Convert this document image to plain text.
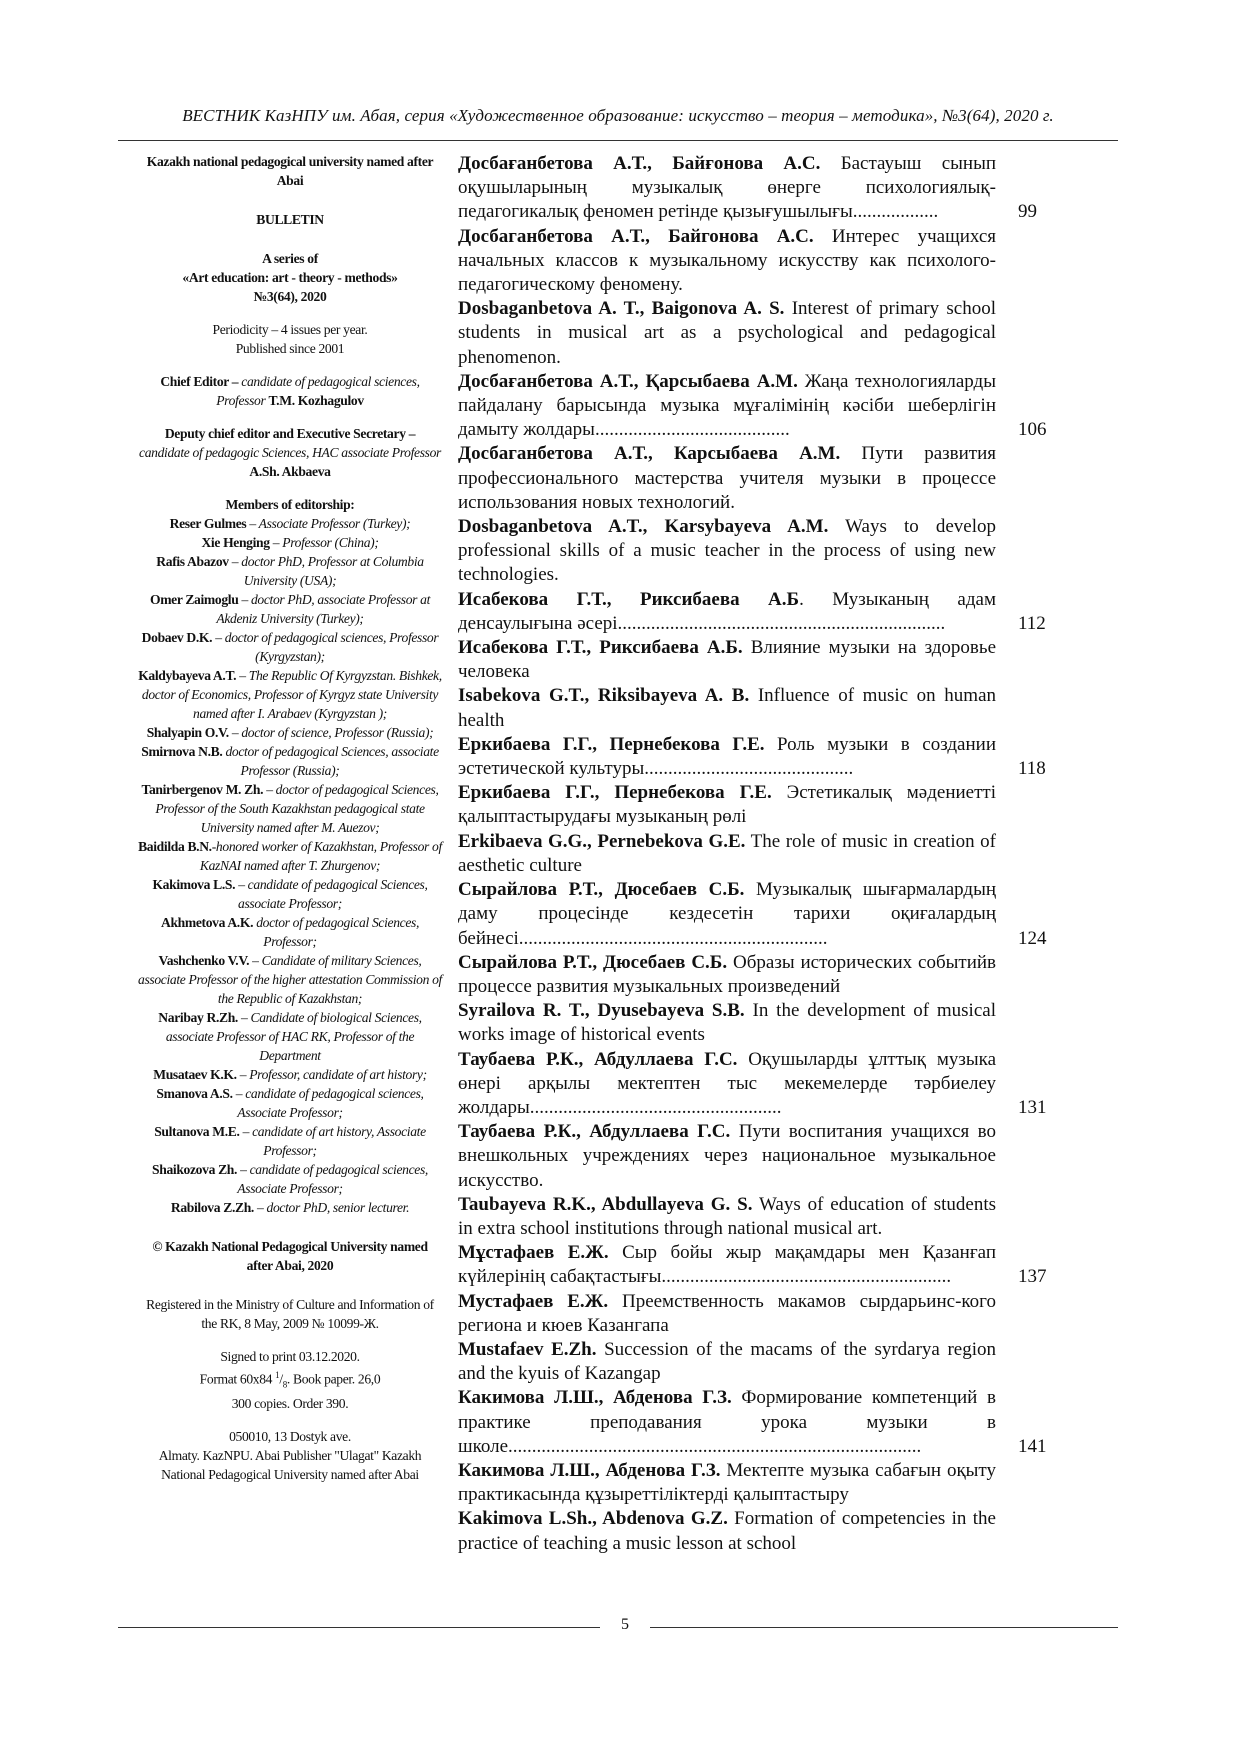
ВЕСТНИК КазНПУ им. Абая, серия «Художественное образование: искусство – теория – методика», №3(64), 2020 г.

Kazakh national pedagogical university named after Abai

BULLETIN

A series of

«Art education: art - theory - methods»

№3(64), 2020

Periodicity – 4 issues per year.

Published since 2001

Chief Editor – candidate of pedagogical sciences, Professor T.M. Kozhagulov

Deputy chief editor and Executive Secretary –

candidate of pedagogic Sciences, HAC associate Professor

A.Sh. Akbaeva

Members of editorship:

Reser Gulmes – Associate Professor (Turkey);

Xie Henging – Professor (China);

Rafis Abazov – doctor PhD, Professor at Columbia University (USA);

Omer Zaimoglu – doctor PhD, associate Professor at Akdeniz University (Turkey);

Dobaev D.K. – doctor of pedagogical sciences, Professor (Kyrgyzstan);

Kaldybayeva A.T. – The Republic Of Kyrgyzstan. Bishkek, doctor of Economics, Professor of Kyrgyz state University named after I. Arabaev (Kyrgyzstan );

Shalyapin O.V. – doctor of science, Professor (Russia);

Smirnova N.B. doctor of pedagogical Sciences, associate Professor (Russia);

Tanirbergenov M. Zh. – doctor of pedagogical Sciences, Professor of the South Kazakhstan pedagogical state University named after M. Auezov;

Baidilda B.N.-honored worker of Kazakhstan, Professor of KazNAI named after T. Zhurgenov;

Kakimova L.S. – candidate of pedagogical Sciences, associate Professor;

Akhmetova A.K. doctor of pedagogical Sciences, Professor;

Vashchenko V.V. – Candidate of military Sciences, associate Professor of the higher attestation Commission of the Republic of Kazakhstan;

Naribay R.Zh. – Candidate of biological Sciences, associate Professor of HAC RK, Professor of the Department

Musataev K.K. – Professor, candidate of art history;

Smanova A.S. – candidate of pedagogical sciences, Associate Professor;

Sultanova M.E. – candidate of art history, Associate Professor;

Shaikozova Zh. – candidate of pedagogical sciences, Associate Professor;

Rabilova Z.Zh. – doctor PhD, senior lecturer.

© Kazakh National Pedagogical University named after Abai, 2020

Registered in the Ministry of Culture and Information of the RK, 8 May, 2009 № 10099-Ж.

Signed to print 03.12.2020.

Format 60x84 $^1/_8$. Book paper. 26,0

300 copies. Order 390.

050010, 13 Dostyk ave.

Almaty. KazNPU. Abai Publisher "Ulagat" Kazakh National Pedagogical University named after Abai

Досбағанбетова А.Т., Байғонова А.С. Бастауыш сынып оқушыларының музыкалық өнерге психологиялық-педагогикалық феномен ретінде қызығушылығы..................	99

Досбаганбетова А.Т., Байгонова А.С. Интерес учащихся начальных классов к музыкальному искусству как психолого-педагогическому феномену.

Dosbaganbetova A. T., Baigonova A. S. Interest of primary school students in musical art as a psychological and pedagogical phenomenon.

Досбағанбетова А.Т., Қарсыбаева А.М. Жаңа технологияларды пайдалану барысында музыка мұғалімінің кәсіби шеберлігін дамыту жолдары.........................................	106

Досбаганбетова А.Т., Карсыбаева А.М. Пути развития профессионального мастерства учителя музыки в процессе использования новых технологий.

Dosbaganbetova A.T., Karsybayeva A.M. Ways to develop professional skills of a music teacher in the process of using new technologies.

Исабекова Г.Т., Риксибаева А.Б. Музыканың адам денсаулығына әсері.....................................................................	112

Исабекова Г.Т., Риксибаева А.Б. Влияние музыки на здоровье человека

Isabekova G.T., Riksibayeva A. B. Influence of music on human health

Еркибаева Г.Г., Пернебекова Г.Е. Роль музыки в создании эстетической культуры............................................	118

Еркибаева Г.Г., Пернебекова Г.Е. Эстетикалық мәдениетті қалыптастырудағы музыканың рөлі

Erkibaeva G.G., Pernebekova G.E. The role of music in creation of aesthetic culture

Сырайлова Р.Т., Дюсебаев С.Б. Музыкалық шығармалардың даму процесінде кездесетін тарихи оқиғалардың бейнесі.................................................................	124

Сырайлова Р.Т., Дюсебаев С.Б. Образы исторических событийв процессе развития музыкальных произведений

Syrailova R. T., Dyusebayeva S.B. In the development of musical works image of historical events

Таубаева Р.К., Абдуллаева Г.С. Оқушыларды ұлттық музыка өнері арқылы мектептен тыс мекемелерде тәрбиелеу жолдары.....................................................	131

Таубаева Р.К., Абдуллаева Г.С. Пути воспитания учащихся во внешкольных учреждениях через национальное музыкальное искусство.

Taubayeva R.K., Abdullayeva G. S. Ways of education of students in extra school institutions through national musical art.

Мұстафаев Е.Ж. Сыр бойы жыр мақамдары мен Қазанғап күйлерінің сабақтастығы.............................................................	137

Мустафаев Е.Ж. Преемственность макамов сырдарьинс-кого региона и кюев Казангапа

Mustafaev E.Zh. Succession of the macams of the syrdarya region and the kyuis of Kazangap

Какимова Л.Ш., Абденова Г.З. Формирование компетенций в практике преподавания урока музыки в школе.......................................................................................	141

Какимова Л.Ш., Абденова Г.З. Мектепте музыка сабағын оқыту практикасында құзыреттіліктерді қалыптастыру

Kakimova L.Sh., Abdenova G.Z. Formation of competencies in the practice of teaching a music lesson at school

5
